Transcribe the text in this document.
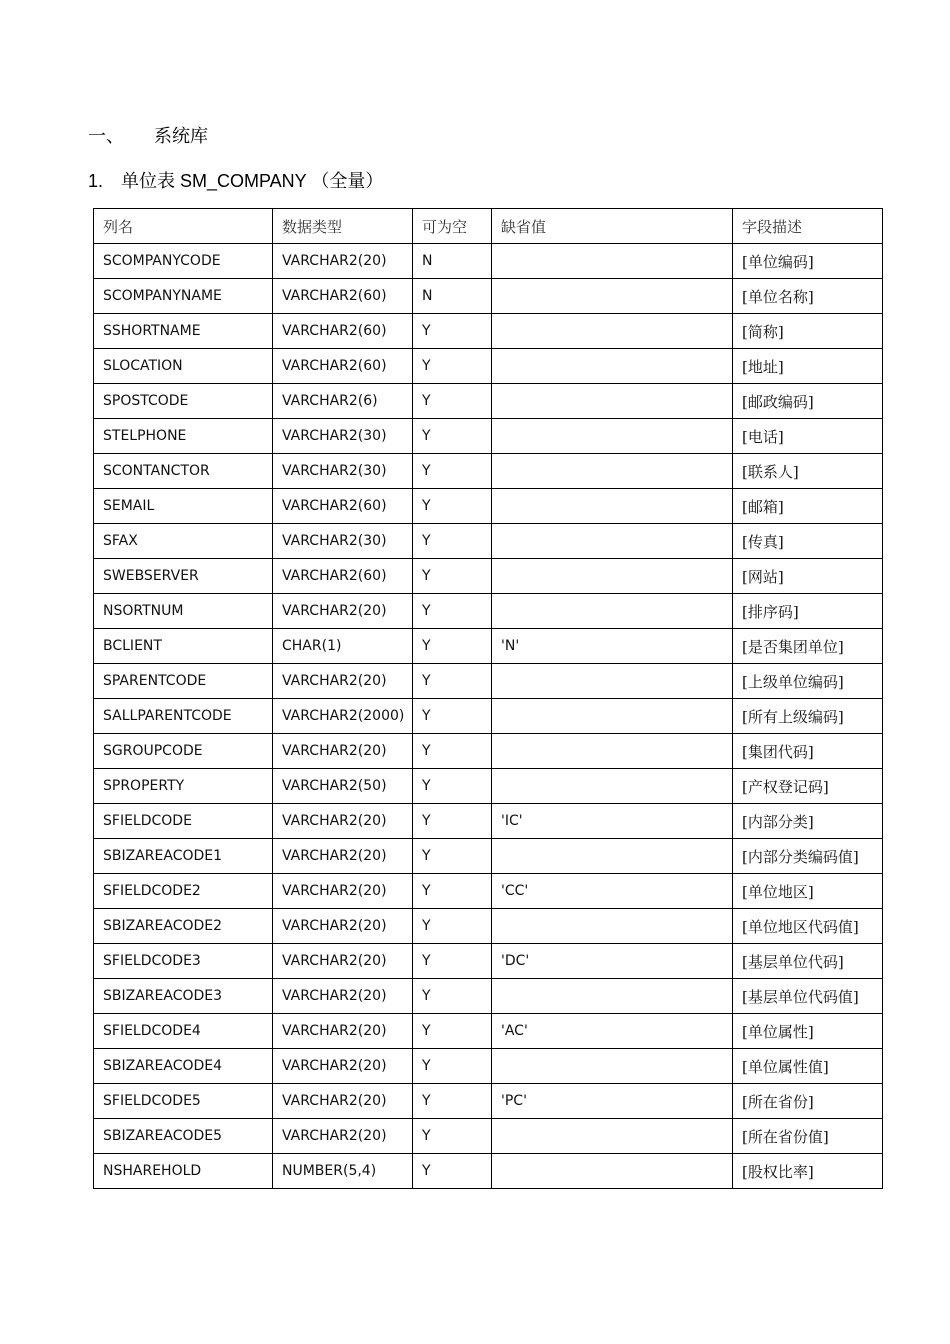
一、 系统库
1. 单位表 SM_COMPANY （全量）
列名	数据类型	可为空	缺省值	字段描述
SCOMPANYCODE	VARCHAR2(20)	N		[单位编码]
SCOMPANYNAME	VARCHAR2(60)	N		[单位名称]
SSHORTNAME	VARCHAR2(60)	Y		[简称]
SLOCATION	VARCHAR2(60)	Y		[地址]
SPOSTCODE	VARCHAR2(6)	Y		[邮政编码]
STELPHONE	VARCHAR2(30)	Y		[电话]
SCONTANCTOR	VARCHAR2(30)	Y		[联系人]
SEMAIL	VARCHAR2(60)	Y		[邮箱]
SFAX	VARCHAR2(30)	Y		[传真]
SWEBSERVER	VARCHAR2(60)	Y		[网站]
NSORTNUM	VARCHAR2(20)	Y		[排序码]
BCLIENT	CHAR(1)	Y	'N'	[是否集团单位]
SPARENTCODE	VARCHAR2(20)	Y		[上级单位编码]
SALLPARENTCODE	VARCHAR2(2000)	Y		[所有上级编码]
SGROUPCODE	VARCHAR2(20)	Y		[集团代码]
SPROPERTY	VARCHAR2(50)	Y		[产权登记码]
SFIELDCODE	VARCHAR2(20)	Y	'IC'	[内部分类]
SBIZAREACODE1	VARCHAR2(20)	Y		[内部分类编码值]
SFIELDCODE2	VARCHAR2(20)	Y	'CC'	[单位地区]
SBIZAREACODE2	VARCHAR2(20)	Y		[单位地区代码值]
SFIELDCODE3	VARCHAR2(20)	Y	'DC'	[基层单位代码]
SBIZAREACODE3	VARCHAR2(20)	Y		[基层单位代码值]
SFIELDCODE4	VARCHAR2(20)	Y	'AC'	[单位属性]
SBIZAREACODE4	VARCHAR2(20)	Y		[单位属性值]
SFIELDCODE5	VARCHAR2(20)	Y	'PC'	[所在省份]
SBIZAREACODE5	VARCHAR2(20)	Y		[所在省份值]
NSHAREHOLD	NUMBER(5,4)	Y		[股权比率]
